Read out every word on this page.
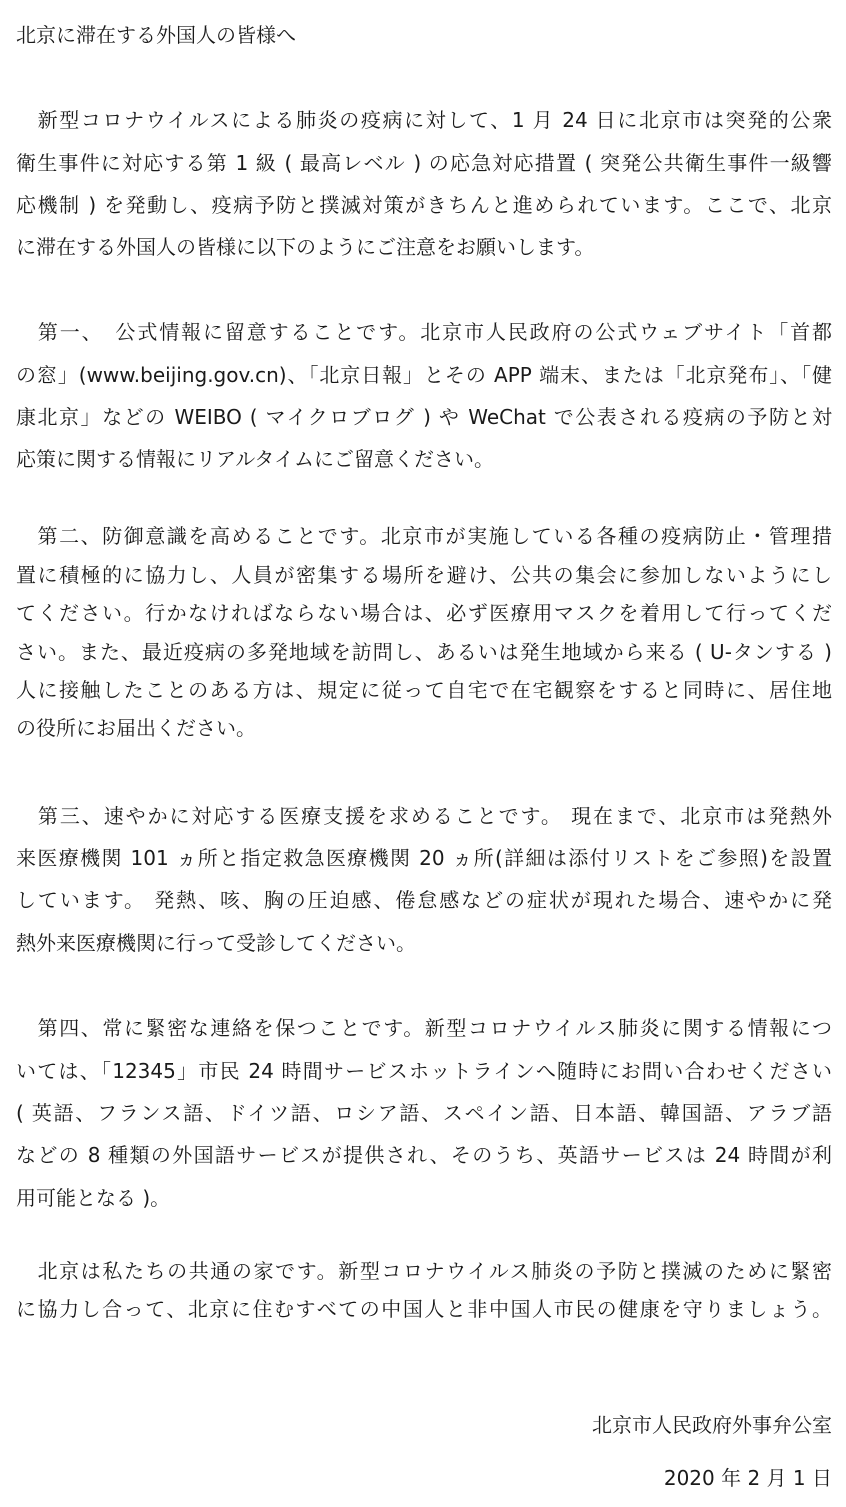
北京に滞在する外国人の皆様へ
　新型コロナウイルスによる肺炎の疫病に対して、1 月 24 日に北京市は突発的公衆
衛生事件に対応する第 1 級 ( 最高レベル ) の応急対応措置 ( 突発公共衛生事件一級響
応機制 ) を発動し、疫病予防と撲滅対策がきちんと進められています。ここで、北京
に滞在する外国人の皆様に以下のようにご注意をお願いします。
　第一、　公式情報に留意することです。北京市人民政府の公式ウェブサイト「首都
の窓」(www.beijing.gov.cn)、「北京日報」とその APP 端末、または「北京発布」、「健
康北京」などの WEIBO ( マイクロブログ ) や WeChat で公表される疫病の予防と対
応策に関する情報にリアルタイムにご留意ください。
　第二、防御意識を高めることです。北京市が実施している各種の疫病防止・管理措
置に積極的に協力し、人員が密集する場所を避け、公共の集会に参加しないようにし
てください。行かなければならない場合は、必ず医療用マスクを着用して行ってくだ
さい。また、最近疫病の多発地域を訪問し、あるいは発生地域から来る ( U-タンする )
人に接触したことのある方は、規定に従って自宅で在宅観察をすると同時に、居住地
の役所にお届出ください。
　第三、速やかに対応する医療支援を求めることです。 現在まで、北京市は発熱外
来医療機関 101 ヵ所と指定救急医療機関 20 ヵ所(詳細は添付リストをご参照)を設置
しています。 発熱、咳、胸の圧迫感、倦怠感などの症状が現れた場合、速やかに発
熱外来医療機関に行って受診してください。
　第四、常に緊密な連絡を保つことです。新型コロナウイルス肺炎に関する情報につ
いては、「12345」市民 24 時間サービスホットラインへ随時にお問い合わせください
( 英語、フランス語、ドイツ語、ロシア語、スペイン語、日本語、韓国語、アラブ語
などの 8 種類の外国語サービスが提供され、そのうち、英語サービスは 24 時間が利
用可能となる )。
　北京は私たちの共通の家です。新型コロナウイルス肺炎の予防と撲滅のために緊密
に協力し合って、北京に住むすべての中国人と非中国人市民の健康を守りましょう。
北京市人民政府外事弁公室
2020 年 2 月 1 日
